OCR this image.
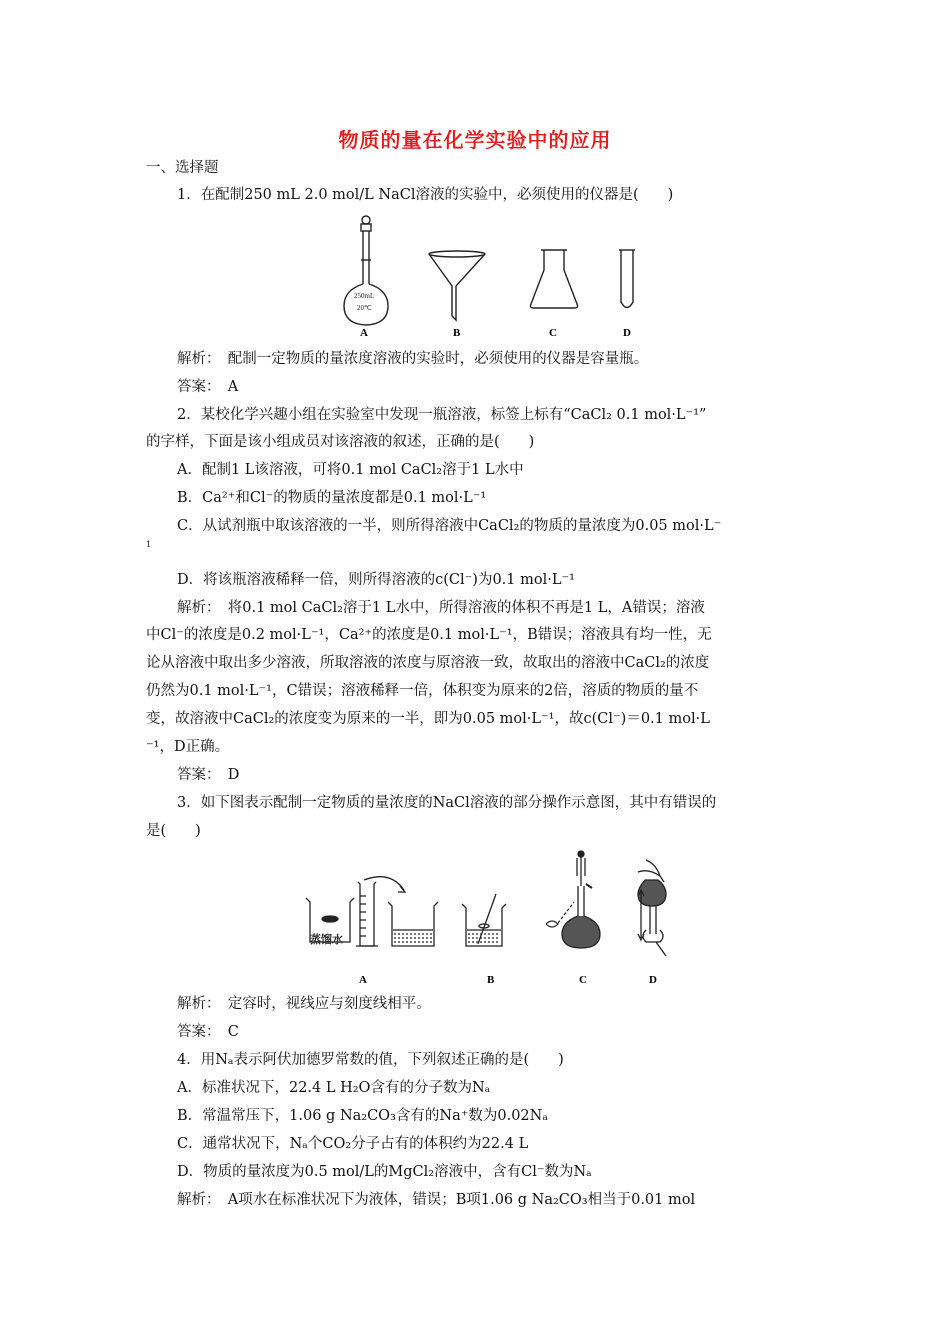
物质的量在化学实验中的应用
一、选择题
1．在配制250 mL 2.0 mol/L NaCl溶液的实验中，必须使用的仪器是(　　)
250mL
20℃
A	B	C	D
解析：　配制一定物质的量浓度溶液的实验时，必须使用的仪器是容量瓶。
答案：　A
2．某校化学兴趣小组在实验室中发现一瓶溶液，标签上标有“CaCl₂ 0.1 mol·L⁻¹”
的字样，下面是该小组成员对该溶液的叙述，正确的是(　　)
A．配制1 L该溶液，可将0.1 mol CaCl₂溶于1 L水中
B．Ca²⁺和Cl⁻的物质的量浓度都是0.1 mol·L⁻¹
C．从试剂瓶中取该溶液的一半，则所得溶液中CaCl₂的物质的量浓度为0.05 mol·L⁻
1
D．将该瓶溶液稀释一倍，则所得溶液的c(Cl⁻)为0.1 mol·L⁻¹
解析：　将0.1 mol CaCl₂溶于1 L水中，所得溶液的体积不再是1 L，A错误；溶液
中Cl⁻的浓度是0.2 mol·L⁻¹，Ca²⁺的浓度是0.1 mol·L⁻¹，B错误；溶液具有均一性，无
论从溶液中取出多少溶液，所取溶液的浓度与原溶液一致，故取出的溶液中CaCl₂的浓度
仍然为0.1 mol·L⁻¹，C错误；溶液稀释一倍，体积变为原来的2倍，溶质的物质的量不
变，故溶液中CaCl₂的浓度变为原来的一半，即为0.05 mol·L⁻¹，故c(Cl⁻)＝0.1 mol·L
⁻¹，D正确。
答案：　D
3．如下图表示配制一定物质的量浓度的NaCl溶液的部分操作示意图，其中有错误的
是(　　)
蒸馏水
A	B	C	D
解析：　定容时，视线应与刻度线相平。
答案：　C
4．用Nₐ表示阿伏加德罗常数的值，下列叙述正确的是(　　)
A．标准状况下，22.4 L H₂O含有的分子数为Nₐ
B．常温常压下，1.06 g Na₂CO₃含有的Na⁺数为0.02Nₐ
C．通常状况下，Nₐ个CO₂分子占有的体积约为22.4 L
D．物质的量浓度为0.5 mol/L的MgCl₂溶液中，含有Cl⁻数为Nₐ
解析：　A项水在标准状况下为液体，错误；B项1.06 g Na₂CO₃相当于0.01 mol
